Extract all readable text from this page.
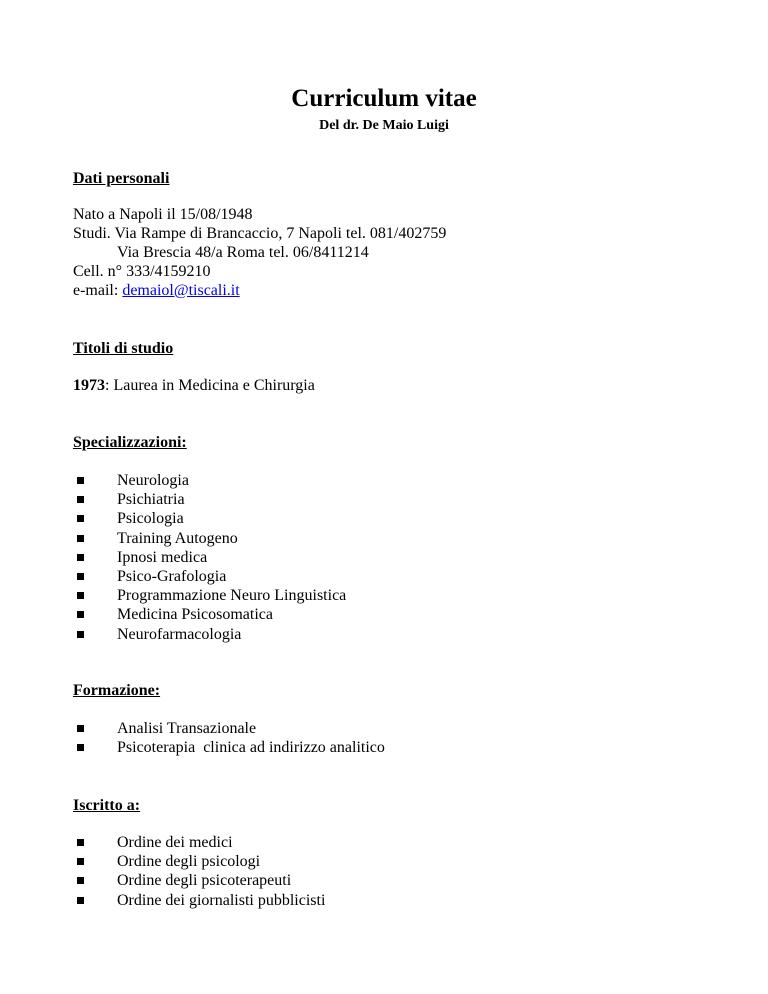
Curriculum vitae
Del dr. De Maio Luigi
Dati personali
Nato a Napoli il 15/08/1948
Studi. Via Rampe di Brancaccio, 7 Napoli tel. 081/402759
Via Brescia 48/a Roma tel. 06/8411214
Cell. n° 333/4159210
e-mail: demaiol@tiscali.it
Titoli di studio
1973: Laurea in Medicina e Chirurgia
Specializzazioni:
Neurologia
Psichiatria
Psicologia
Training Autogeno
Ipnosi medica
Psico-Grafologia
Programmazione Neuro Linguistica
Medicina Psicosomatica
Neurofarmacologia
Formazione:
Analisi Transazionale
Psicoterapia  clinica ad indirizzo analitico
Iscritto a:
Ordine dei medici
Ordine degli psicologi
Ordine degli psicoterapeuti
Ordine dei giornalisti pubblicisti
